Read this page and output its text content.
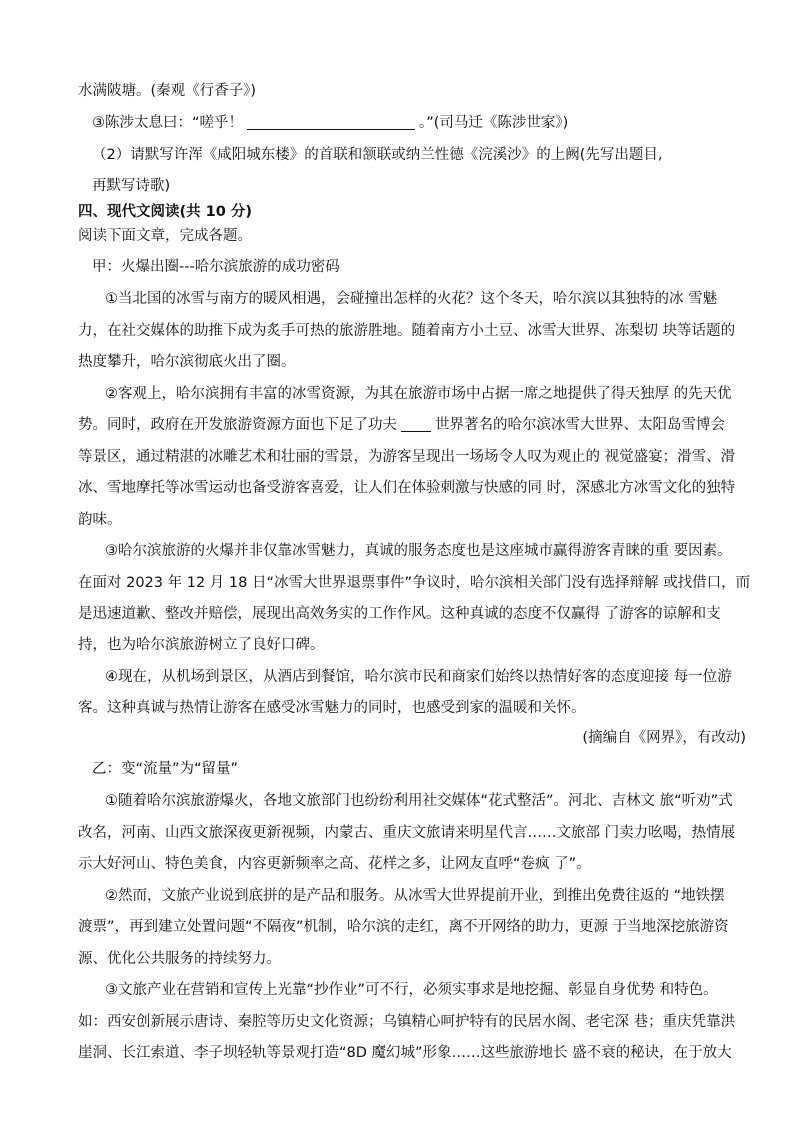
水满陂塘。(秦观《行香子》)
③陈涉太息曰：“嗟乎！	。”(司马迁《陈涉世家》)
（2）请默写许浑《咸阳城东楼》的首联和颔联或纳兰性德《浣溪沙》的上阙(先写出题目,
再默写诗歌)
四、现代文阅读(共 10 分)
阅读下面文章，完成各题。
甲：火爆出圈---哈尔滨旅游的成功密码
①当北国的冰雪与南方的暖风相遇，会碰撞出怎样的火花？这个冬天，哈尔滨以其独特的冰 雪魅
力，在社交媒体的助推下成为炙手可热的旅游胜地。随着南方小土豆、冰雪大世界、冻梨切 块等话题的
热度攀升，哈尔滨彻底火出了圈。
②客观上，哈尔滨拥有丰富的冰雪资源，为其在旅游市场中占据一席之地提供了得天独厚 的先天优
势。同时，政府在开发旅游资源方面也下足了功夫	世界著名的哈尔滨冰雪大世界、太阳岛雪博会
等景区，通过精湛的冰雕艺术和壮丽的雪景，为游客呈现出一场场令人叹为观止的 视觉盛宴；滑雪、滑
冰、雪地摩托等冰雪运动也备受游客喜爱，让人们在体验刺激与快感的同 时，深感北方冰雪文化的独特
韵味。
③哈尔滨旅游的火爆并非仅靠冰雪魅力，真诚的服务态度也是这座城市赢得游客青睐的重 要因素。
在面对 2023 年 12 月 18 日“冰雪大世界退票事件”争议时，哈尔滨相关部门没有选择辩解 或找借口，而
是迅速道歉、整改并赔偿，展现出高效务实的工作作风。这种真诚的态度不仅赢得 了游客的谅解和支
持，也为哈尔滨旅游树立了良好口碑。
④现在，从机场到景区，从酒店到餐馆，哈尔滨市民和商家们始终以热情好客的态度迎接 每一位游
客。这种真诚与热情让游客在感受冰雪魅力的同时，也感受到家的温暖和关怀。
(摘编自《网界》，有改动)
乙：变“流量”为“留量”
①随着哈尔滨旅游爆火，各地文旅部门也纷纷利用社交媒体“花式整活”。河北、吉林文 旅“听劝”式
改名，河南、山西文旅深夜更新视频，内蒙古、重庆文旅请来明星代言……文旅部 门卖力吆喝，热情展
示大好河山、特色美食，内容更新频率之高、花样之多，让网友直呼“卷疯 了”。
②然而，文旅产业说到底拼的是产品和服务。从冰雪大世界提前开业，到推出免费往返的 “地铁摆
渡票”，再到建立处置问题“不隔夜”机制，哈尔滨的走红，离不开网络的助力，更源 于当地深挖旅游资
源、优化公共服务的持续努力。
③文旅产业在营销和宣传上光靠“抄作业”可不行，必须实事求是地挖掘、彰显自身优势 和特色。
如：西安创新展示唐诗、秦腔等历史文化资源；乌镇精心呵护特有的民居水阁、老宅深 巷；重庆凭靠洪
崖洞、长江索道、李子坝轻轨等景观打造“8D 魔幻城”形象……这些旅游地长 盛不衰的秘诀，在于放大
